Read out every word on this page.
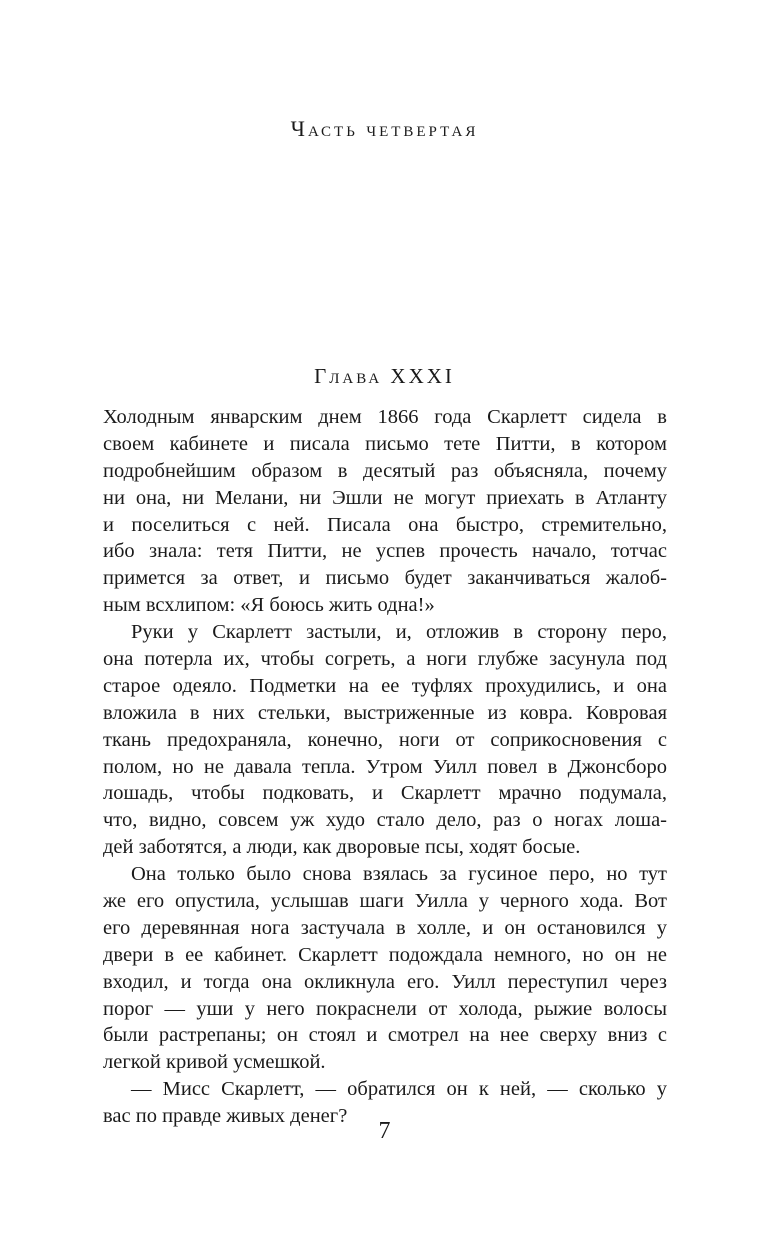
Часть четвертая
Глава XXXI
Холодным январским днем 1866 года Скарлетт сидела в
своем кабинете и писала письмо тете Питти, в котором
подробнейшим образом в десятый раз объясняла, почему
ни она, ни Мелани, ни Эшли не могут приехать в Атланту
и поселиться с ней. Писала она быстро, стремительно,
ибо знала: тетя Питти, не успев прочесть начало, тотчас
примется за ответ, и письмо будет заканчиваться жалоб-
ным всхлипом: «Я боюсь жить одна!»
Руки у Скарлетт застыли, и, отложив в сторону перо,
она потерла их, чтобы согреть, а ноги глубже засунула под
старое одеяло. Подметки на ее туфлях прохудились, и она
вложила в них стельки, выстриженные из ковра. Ковровая
ткань предохраняла, конечно, ноги от соприкосновения с
полом, но не давала тепла. Утром Уилл повел в Джонсборо
лошадь, чтобы подковать, и Скарлетт мрачно подумала,
что, видно, совсем уж худо стало дело, раз о ногах лоша-
дей заботятся, а люди, как дворовые псы, ходят босые.
Она только было снова взялась за гусиное перо, но тут
же его опустила, услышав шаги Уилла у черного хода. Вот
его деревянная нога застучала в холле, и он остановился у
двери в ее кабинет. Скарлетт подождала немного, но он не
входил, и тогда она окликнула его. Уилл переступил через
порог — уши у него покраснели от холода, рыжие волосы
были растрепаны; он стоял и смотрел на нее сверху вниз с
легкой кривой усмешкой.
— Мисс Скарлетт, — обратился он к ней, — сколько у
вас по правде живых денег?
7
